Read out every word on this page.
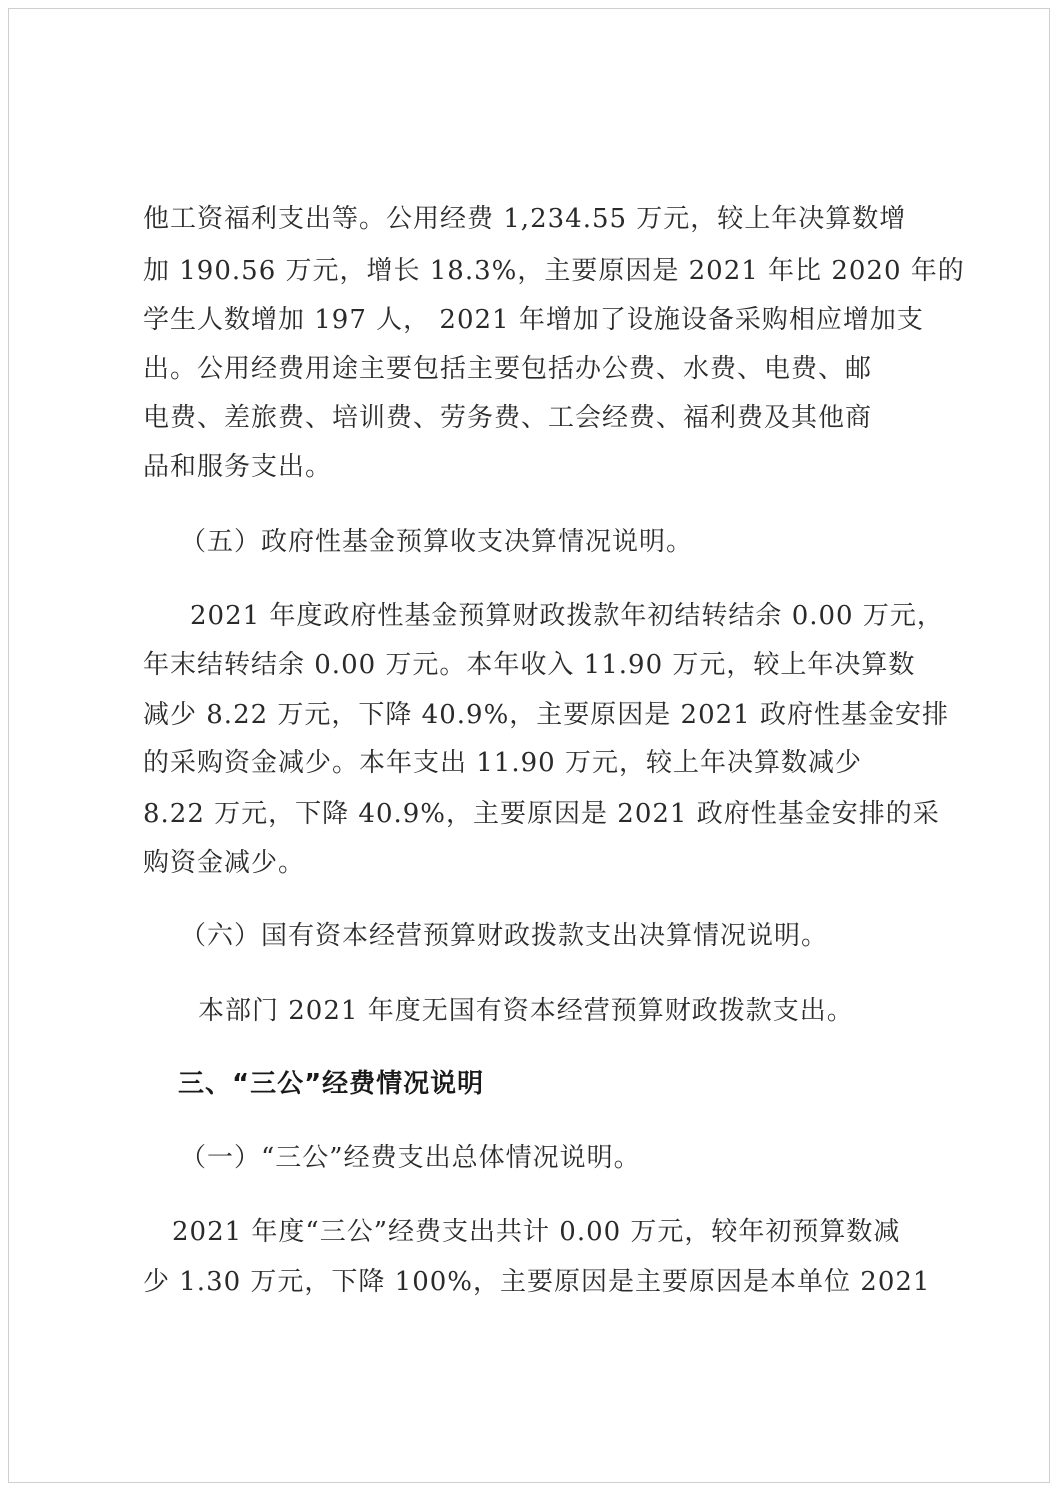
他工资福利支出等。公用经费 1,234.55 万元，较上年决算数增
加 190.56 万元，增长 18.3%，主要原因是 2021 年比 2020 年的
学生人数增加 197 人， 2021 年增加了设施设备采购相应增加支
出。公用经费用途主要包括主要包括办公费、水费、电费、邮
电费、差旅费、培训费、劳务费、工会经费、福利费及其他商
品和服务支出。
（五）政府性基金预算收支决算情况说明。
2021 年度政府性基金预算财政拨款年初结转结余 0.00 万元，
年末结转结余 0.00 万元。本年收入 11.90 万元，较上年决算数
减少 8.22 万元，下降 40.9%，主要原因是 2021 政府性基金安排
的采购资金减少。本年支出 11.90 万元，较上年决算数减少
8.22 万元，下降 40.9%，主要原因是 2021 政府性基金安排的采
购资金减少。
（六）国有资本经营预算财政拨款支出决算情况说明。
本部门 2021 年度无国有资本经营预算财政拨款支出。
三、“三公”经费情况说明
（一）“三公”经费支出总体情况说明。
2021 年度“三公”经费支出共计 0.00 万元，较年初预算数减
少 1.30 万元，下降 100%，主要原因是主要原因是本单位 2021
